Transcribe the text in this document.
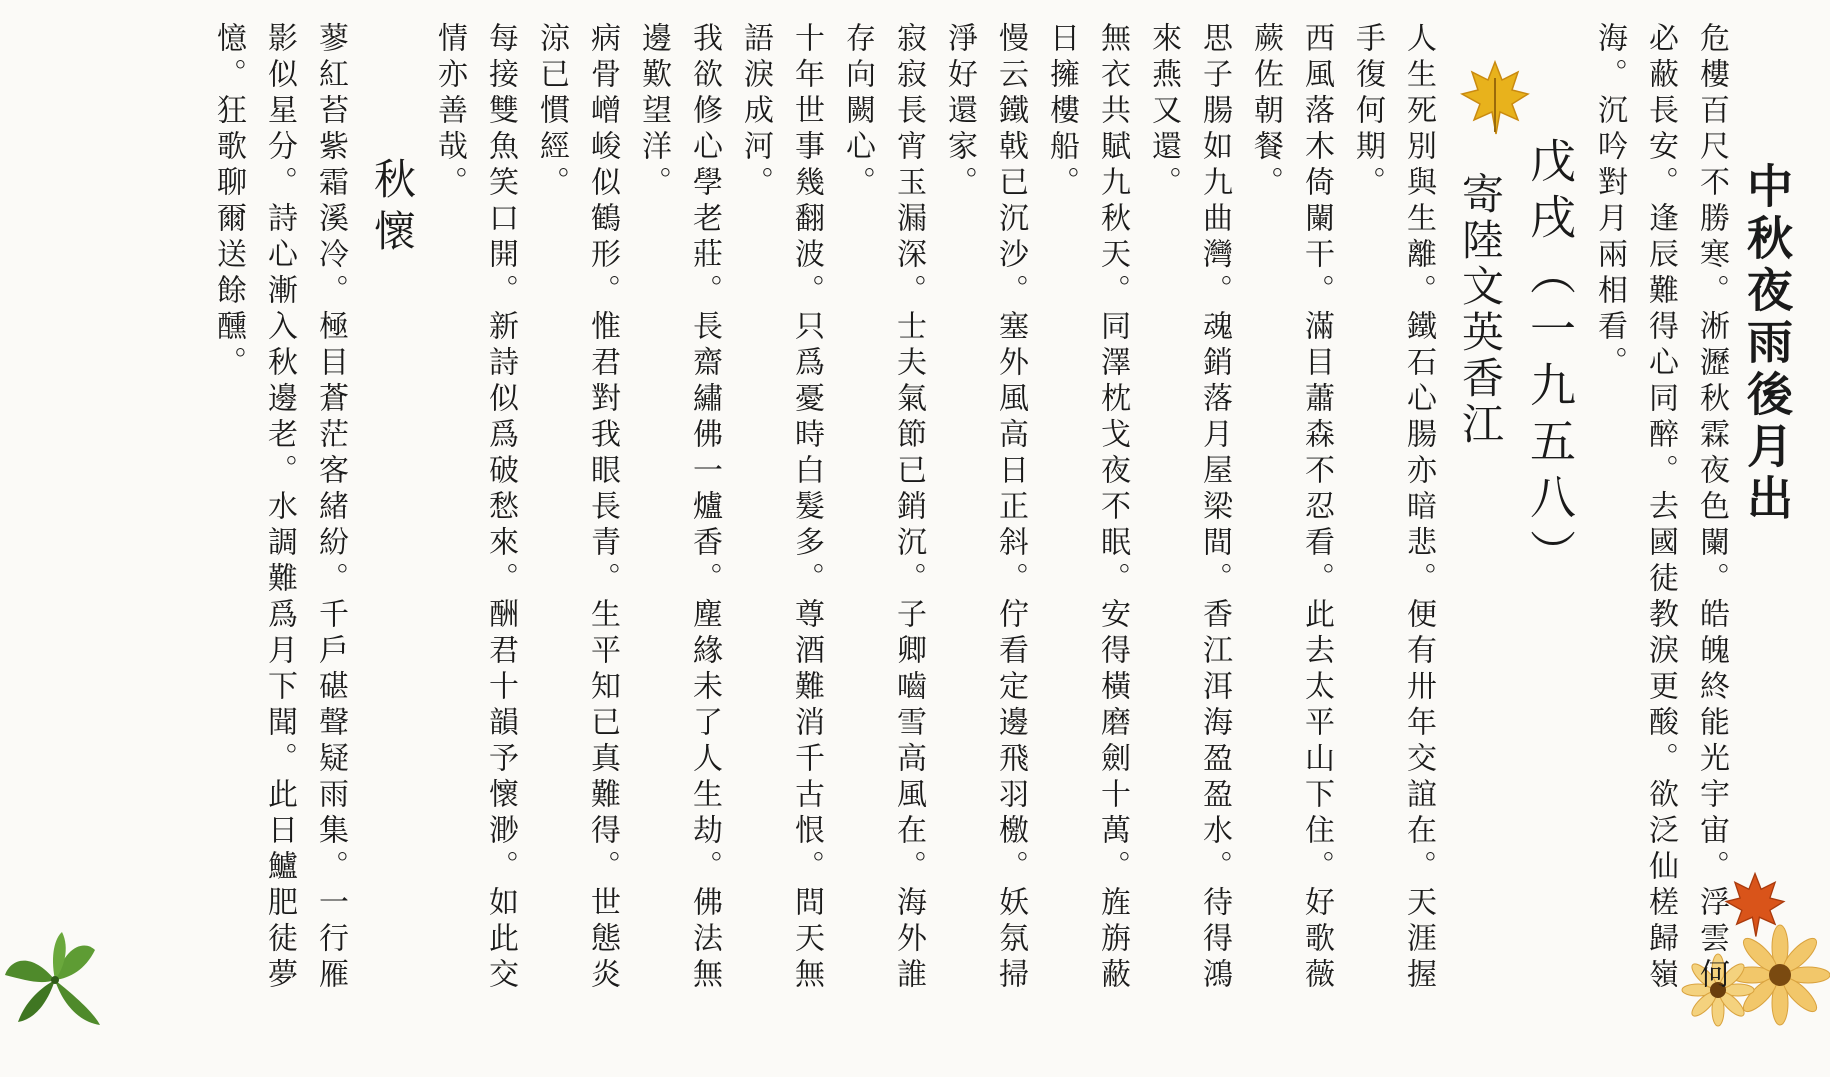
中秋夜雨後月出
危樓百尺不勝寒。淅瀝秋霖夜色闌。皓魄終能光宇宙。浮雲何
必蔽長安。逢辰難得心同醉。去國徒教淚更酸。欲泛仙槎歸嶺
海。沉吟對月兩相看。
戊戌（一九五八）
寄陸文英香江
人生死別與生離。鐵石心腸亦暗悲。便有卅年交誼在。天涯握
手復何期。
西風落木倚闌干。滿目蕭森不忍看。此去太平山下住。好歌薇
蕨佐朝餐。
思子腸如九曲灣。魂銷落月屋梁間。香江洱海盈盈水。待得鴻
來燕又還。
無衣共賦九秋天。同澤枕戈夜不眠。安得橫磨劍十萬。旌旃蔽
日擁樓船。
慢云鐵戟已沉沙。塞外風高日正斜。佇看定邊飛羽檄。妖氛掃
淨好還家。
寂寂長宵玉漏深。士夫氣節已銷沉。子卿嚙雪高風在。海外誰
存向闕心。
十年世事幾翻波。只爲憂時白髮多。尊酒難消千古恨。問天無
語淚成河。
我欲修心學老莊。長齋繡佛一爐香。塵緣未了人生劫。佛法無
邊歎望洋。
病骨嶒峻似鶴形。惟君對我眼長青。生平知已真難得。世態炎
涼已慣經。
每接雙魚笑口開。新詩似爲破愁來。酬君十韻予懷渺。如此交
情亦善哉。
秋懷
蓼紅苔紫霜溪冷。極目蒼茫客緒紛。千戶碪聲疑雨集。一行雁
影似星分。詩心漸入秋邊老。水調難爲月下聞。此日鱸肥徒夢
憶。狂歌聊爾送餘醺。
